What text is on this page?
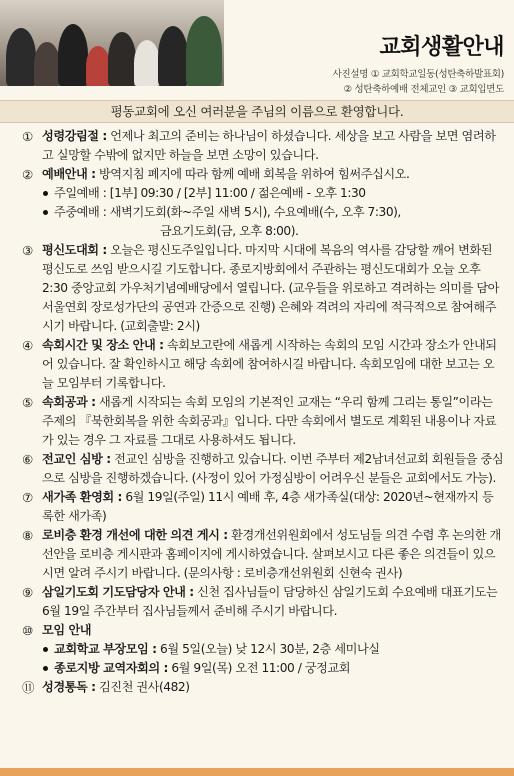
교회생활안내
사진설명 ① 교회학교일동(성탄축하발표회)
② 성탄축하예배 전체교인 ③ 교회입면도
평동교회에 오신 여러분을 주님의 이름으로 환영합니다.
① 성령강림절 : 언제나 최고의 준비는 하나님이 하셨습니다. 세상을 보고 사람을 보면 염려하고 실망할 수밖에 없지만 하늘을 보면 소망이 있습니다.
② 예배안내 : 방역지침 폐지에 따라 함께 예배 회복을 위하여 힘써주십시오.
주일예배 : [1부] 09:30 / [2부] 11:00 / 젊은예배 - 오후 1:30
주중예배 : 새벽기도회(화~주일 새벽 5시), 수요예배(수, 오후 7:30),
금요기도회(금, 오후 8:00).
③ 평신도대회 : 오늘은 평신도주일입니다. 마지막 시대에 복음의 역사를 감당할 깨어 변화된 평신도로 쓰임 받으시길 기도합니다. 종로지방회에서 주관하는 평신도대회가 오늘 오후 2:30 중앙교회 가우처기념예배당에서 열립니다. (교우들을 위로하고 격려하는 의미를 담아 서울연회 장로성가단의 공연과 간증으로 진행) 은혜와 격려의 자리에 적극적으로 참여해주시기 바랍니다. (교회출발: 2시)
④ 속회시간 및 장소 안내 : 속회보고란에 새롭게 시작하는 속회의 모임 시간과 장소가 안내되어 있습니다. 잘 확인하시고 해당 속회에 참여하시길 바랍니다. 속회모임에 대한 보고는 오늘 모임부터 기록합니다.
⑤ 속회공과 : 새롭게 시작되는 속회 모임의 기본적인 교재는 “우리 함께 그리는 통일”이라는 주제의 『북한회복을 위한 속회공과』입니다. 다만 속회에서 별도로 계획된 내용이나 자료가 있는 경우 그 자료를 그대로 사용하셔도 됩니다.
⑥ 전교인 심방 : 전교인 심방을 진행하고 있습니다. 이번 주부터 제2남녀선교회 회원들을 중심으로 심방을 진행하겠습니다. (사정이 있어 가정심방이 어려우신 분들은 교회에서도 가능).
⑦ 새가족 환영회 : 6월 19일(주일) 11시 예배 후, 4층 새가족실(대상: 2020년~현재까지 등록한 새가족)
⑧ 로비층 환경 개선에 대한 의견 게시 : 환경개선위원회에서 성도님들 의견 수렴 후 논의한 개선안을 로비층 게시판과 홈페이지에 게시하였습니다. 살펴보시고 다른 좋은 의견들이 있으시면 알려 주시기 바랍니다. (문의사항 : 로비층개선위원회 신현숙 권사)
⑨ 삼일기도회 기도담당자 안내 : 신천 집사님들이 담당하신 삼일기도회 수요예배 대표기도는 6월 19일 주간부터 집사님들께서 준비해 주시기 바랍니다.
⑩ 모임 안내
교회학교 부장모임 : 6월 5일(오늘) 낮 12시 30분, 2층 세미나실
종로지방 교역자회의 : 6월 9일(목) 오전 11:00 / 궁정교회
⑪ 성경통독 : 김진천 권사(482)
